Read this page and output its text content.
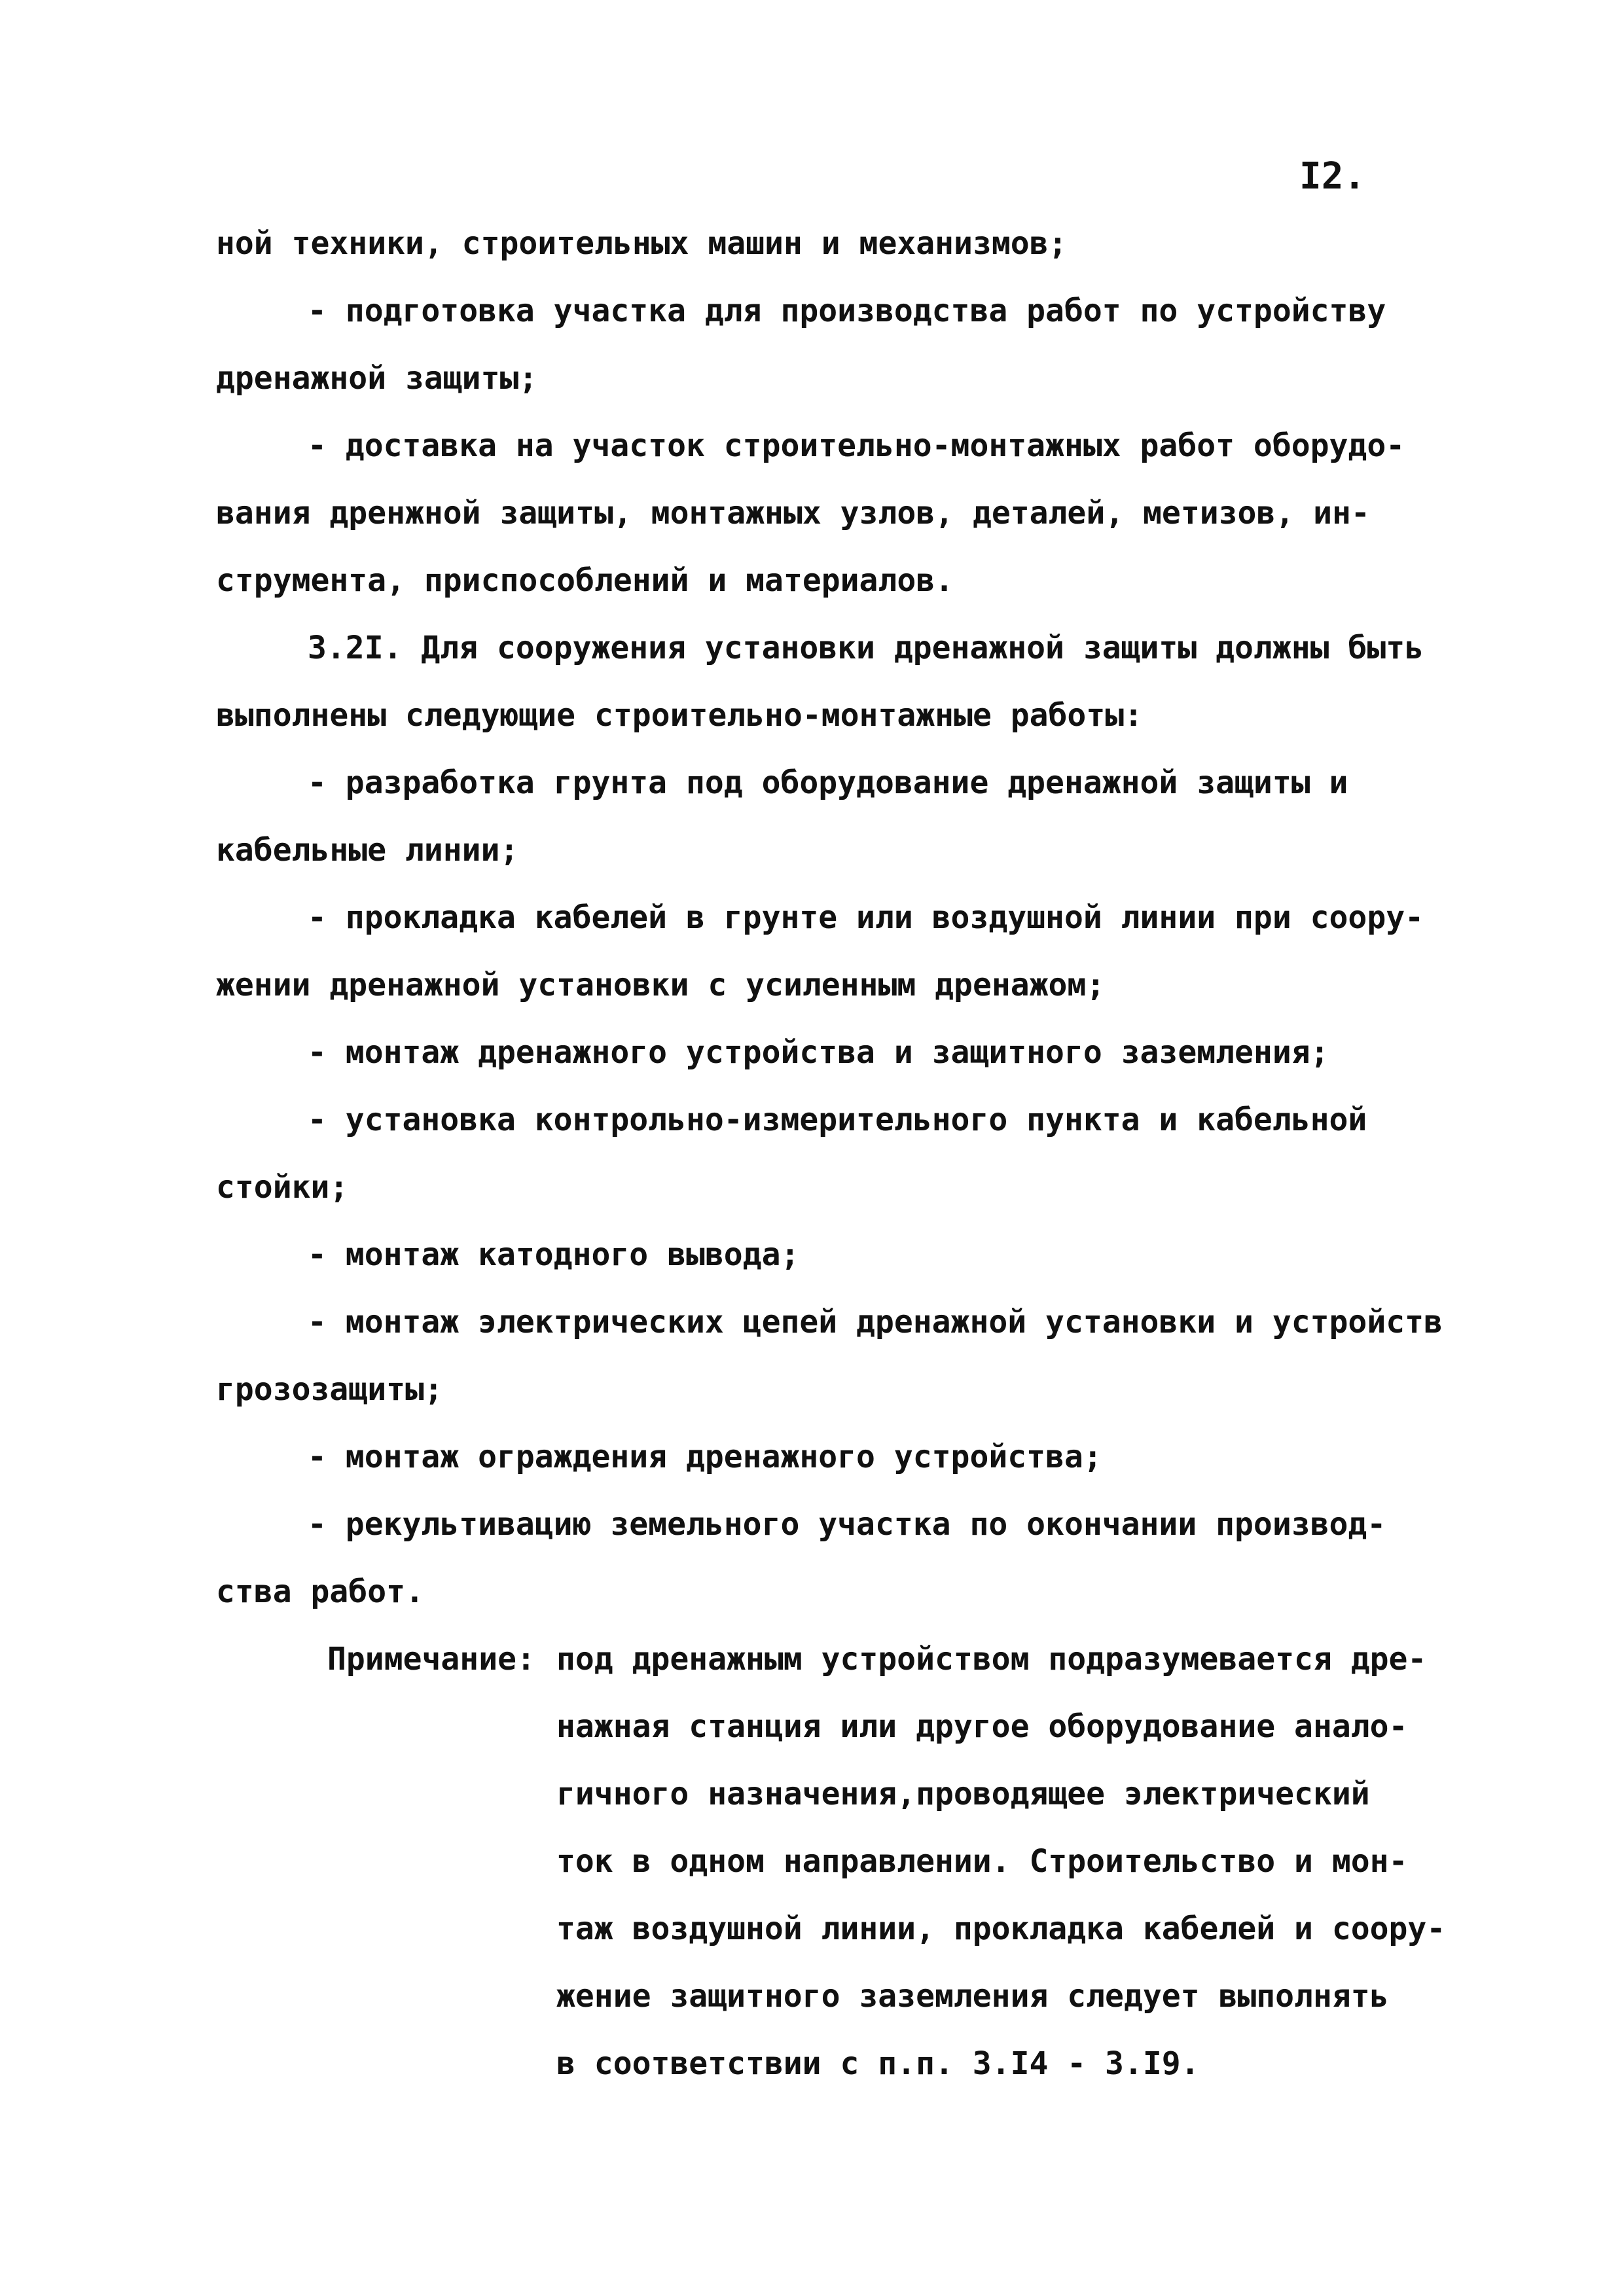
I2.
ной техники, строительных машин и механизмов;
- подготовка участка для производства работ по устройству
дренажной защиты;
- доставка на участок строительно-монтажных работ оборудо-
вания дренжной защиты, монтажных узлов, деталей, метизов, ин-
струмента, приспособлений и материалов.
3.2I. Для сооружения установки дренажной защиты должны быть
выполнены следующие строительно-монтажные работы:
- разработка грунта под оборудование дренажной защиты и
кабельные линии;
- прокладка кабелей в грунте или воздушной линии при соору-
жении дренажной установки с усиленным дренажом;
- монтаж дренажного устройства и защитного заземления;
- установка контрольно-измерительного пункта и кабельной
стойки;
- монтаж катодного вывода;
- монтаж электрических цепей дренажной установки и устройств
грозозащиты;
- монтаж ограждения дренажного устройства;
- рекультивацию земельного участка по окончании производ-
ства работ.
Примечание: под дренажным устройством подразумевается дре-
нажная станция или другое оборудование анало-
гичного назначения,проводящее электрический
ток в одном направлении. Строительство и мон-
таж воздушной линии, прокладка кабелей и соору-
жение защитного заземления следует выполнять
в соответствии с п.п. 3.I4 - 3.I9.
